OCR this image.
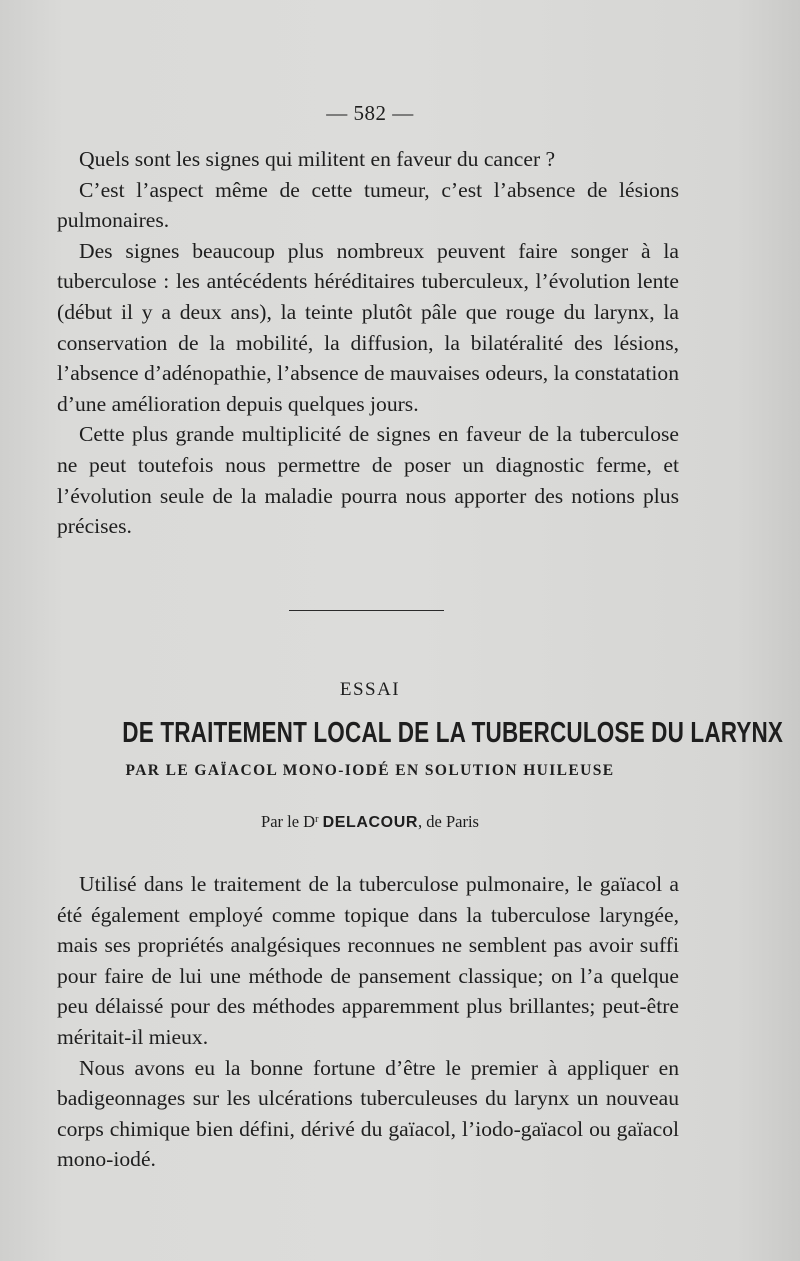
— 582 —

Quels sont les signes qui militent en faveur du cancer ?

C’est l’aspect même de cette tumeur, c’est l’absence de lésions pulmonaires.

Des signes beaucoup plus nombreux peuvent faire songer à la tuberculose : les antécédents héréditaires tuberculeux, l’évolution lente (début il y a deux ans), la teinte plutôt pâle que rouge du larynx, la conservation de la mobilité, la diffusion, la bilatéralité des lésions, l’absence d’adénopathie, l’absence de mauvaises odeurs, la constatation d’une amélioration depuis quelques jours.

Cette plus grande multiplicité de signes en faveur de la tuberculose ne peut toutefois nous permettre de poser un diagnostic ferme, et l’évolution seule de la maladie pourra nous apporter des notions plus précises.

ESSAI
DE TRAITEMENT LOCAL DE LA TUBERCULOSE DU LARYNX
PAR LE GAÏACOL MONO-IODÉ EN SOLUTION HUILEUSE
Par le $D^r$ DELACOUR, de Paris

Utilisé dans le traitement de la tuberculose pulmonaire, le gaïacol a été également employé comme topique dans la tuberculose laryngée, mais ses propriétés analgésiques reconnues ne semblent pas avoir suffi pour faire de lui une méthode de pansement classique; on l’a quelque peu délaissé pour des méthodes apparemment plus brillantes; peut-être méritait-il mieux.

Nous avons eu la bonne fortune d’être le premier à appliquer en badigeonnages sur les ulcérations tuberculeuses du larynx un nouveau corps chimique bien défini, dérivé du gaïacol, l’iodo-gaïacol ou gaïacol mono-iodé.
